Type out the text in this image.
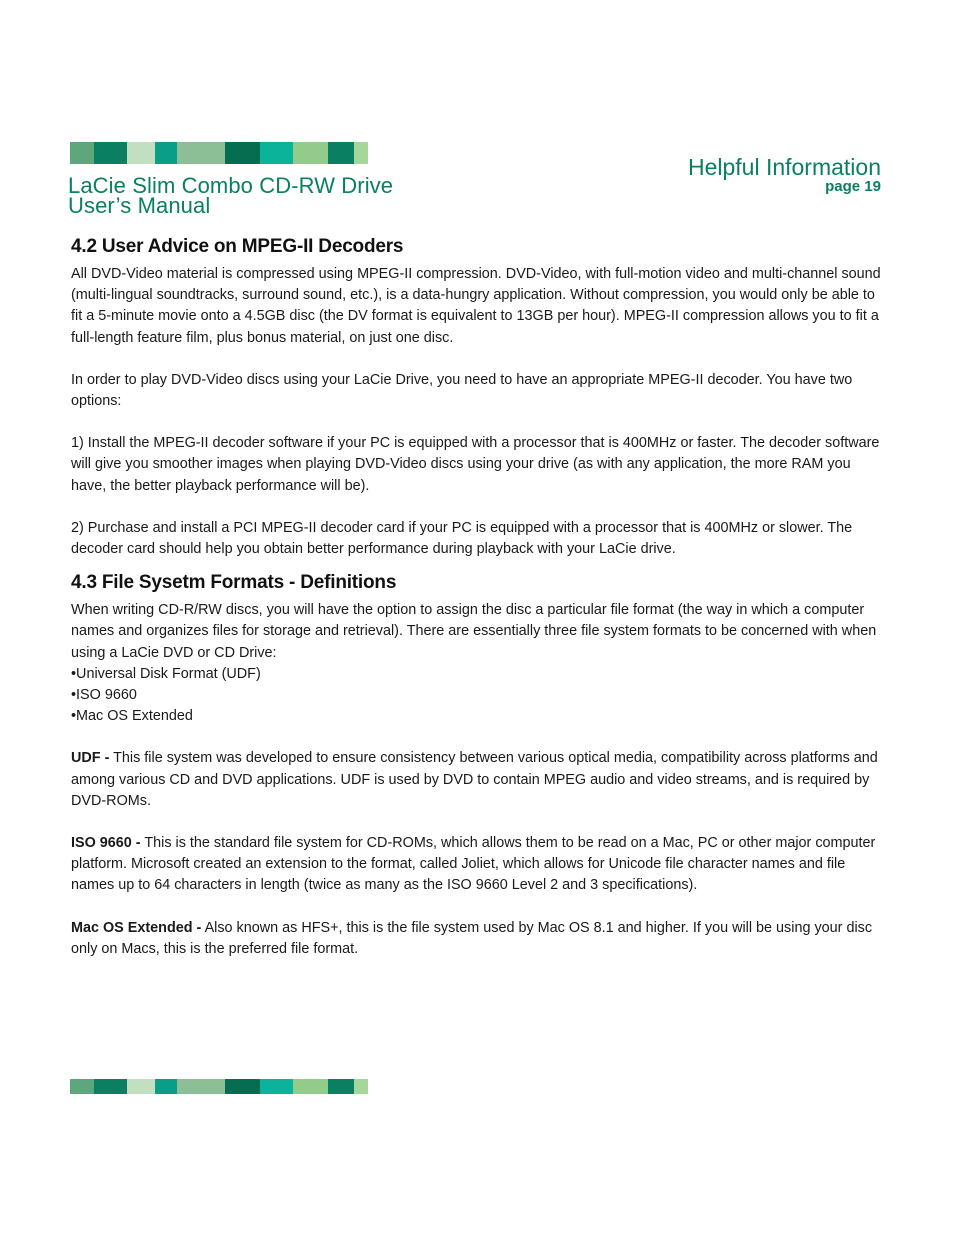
LaCie Slim Combo CD-RW Drive
User’s Manual
Helpful Information
page 19
4.2 User Advice on MPEG-II Decoders

All DVD-Video material is compressed using MPEG-II compression. DVD-Video, with full-motion video and multi-channel sound (multi-lingual soundtracks, surround sound, etc.), is a data-hungry application. Without compression, you would only be able to fit a 5-minute movie onto a 4.5GB disc (the DV format is equivalent to 13GB per hour). MPEG-II compression allows you to fit a full-length feature film, plus bonus material, on just one disc.

In order to play DVD-Video discs using your LaCie Drive, you need to have an appropriate MPEG-II decoder. You have two options:

1) Install the MPEG-II decoder software if your PC is equipped with a processor that is 400MHz or faster. The decoder software will give you smoother images when playing DVD-Video discs using your drive (as with any application, the more RAM you have, the better playback performance will be).

2) Purchase and install a PCI MPEG-II decoder card if your PC is equipped with a processor that is 400MHz or slower. The decoder card should help you obtain better performance during playback with your LaCie drive.

4.3 File Sysetm Formats - Definitions

When writing CD-R/RW discs, you will have the option to assign the disc a particular file format (the way in which a computer names and organizes files for storage and retrieval). There are essentially three file system formats to be concerned with when using a LaCie DVD or CD Drive:

• Universal Disk Format (UDF)
• ISO 9660
• Mac OS Extended

UDF - This file system was developed to ensure consistency between various optical media, compatibility across platforms and among various CD and DVD applications. UDF is used by DVD to contain MPEG audio and video streams, and is required by DVD-ROMs.

ISO 9660 - This is the standard file system for CD-ROMs, which allows them to be read on a Mac, PC or other major computer platform. Microsoft created an extension to the format, called Joliet, which allows for Unicode file character names and file names up to 64 characters in length (twice as many as the ISO 9660 Level 2 and 3 specifications).

Mac OS Extended - Also known as HFS+, this is the file system used by Mac OS 8.1 and higher. If you will be using your disc only on Macs, this is the preferred file format.
